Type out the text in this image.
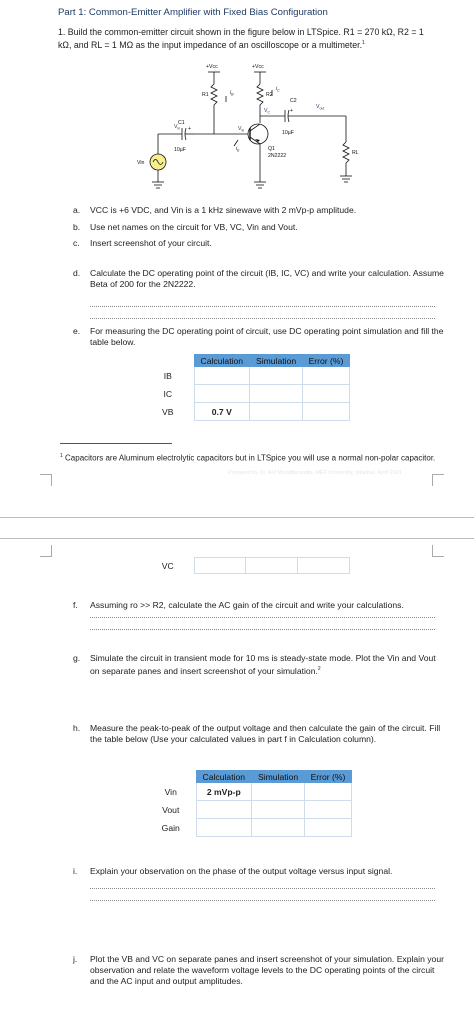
Part 1: Common-Emitter Amplifier with Fixed Bias Configuration
1. Build the common-emitter circuit shown in the figure below in LTSpice. R1 = 270 kΩ, R2 = 1 kΩ, and RL = 1 MΩ as the input impedance of an oscilloscope or a multimeter.$^1$
+Vcc	+Vcc
R1	R2
$i_B$
$i_C$
$V_C$
$V_B$
$i_E$
C2
10µF
+
C1
10µF
+
$V_{in}$
$V_{out}$
Q1
2N2222	RL
Vin
a. VCC is +6 VDC, and Vin is a 1 kHz sinewave with 2 mVp-p amplitude.
b. Use net names on the circuit for VB, VC, Vin and Vout.
c. Insert screenshot of your circuit.
d. Calculate the DC operating point of the circuit (IB, IC, VC) and write your calculation. Assume Beta of 200 for the 2N2222.
e. For measuring the DC operating point of circuit, use DC operating point simulation and fill the table below.
	Calculation	Simulation	Error (%)
IB			
IC			
VB	0.7 V		
$^1$ Capacitors are Aluminum electrolytic capacitors but in LTSpice you will use a normal non-polar capacitor.
Prepared by Dr. Arif Muzaffaroudin, MEF University, Istanbul, April 2021
VC			
f. Assuming ro >> R2, calculate the AC gain of the circuit and write your calculations.
g. Simulate the circuit in transient mode for 10 ms is steady-state mode. Plot the Vin and Vout on separate panes and insert screenshot of your simulation.$^2$
h. Measure the peak-to-peak of the output voltage and then calculate the gain of the circuit. Fill the table below (Use your calculated values in part f in Calculation column).
	Calculation	Simulation	Error (%)
Vin	2 mVp-p		
Vout			
Gain			
i. Explain your observation on the phase of the output voltage versus input signal.
j. Plot the VB and VC on separate panes and insert screenshot of your simulation. Explain your observation and relate the waveform voltage levels to the DC operating points of the circuit and the AC input and output amplitudes.
